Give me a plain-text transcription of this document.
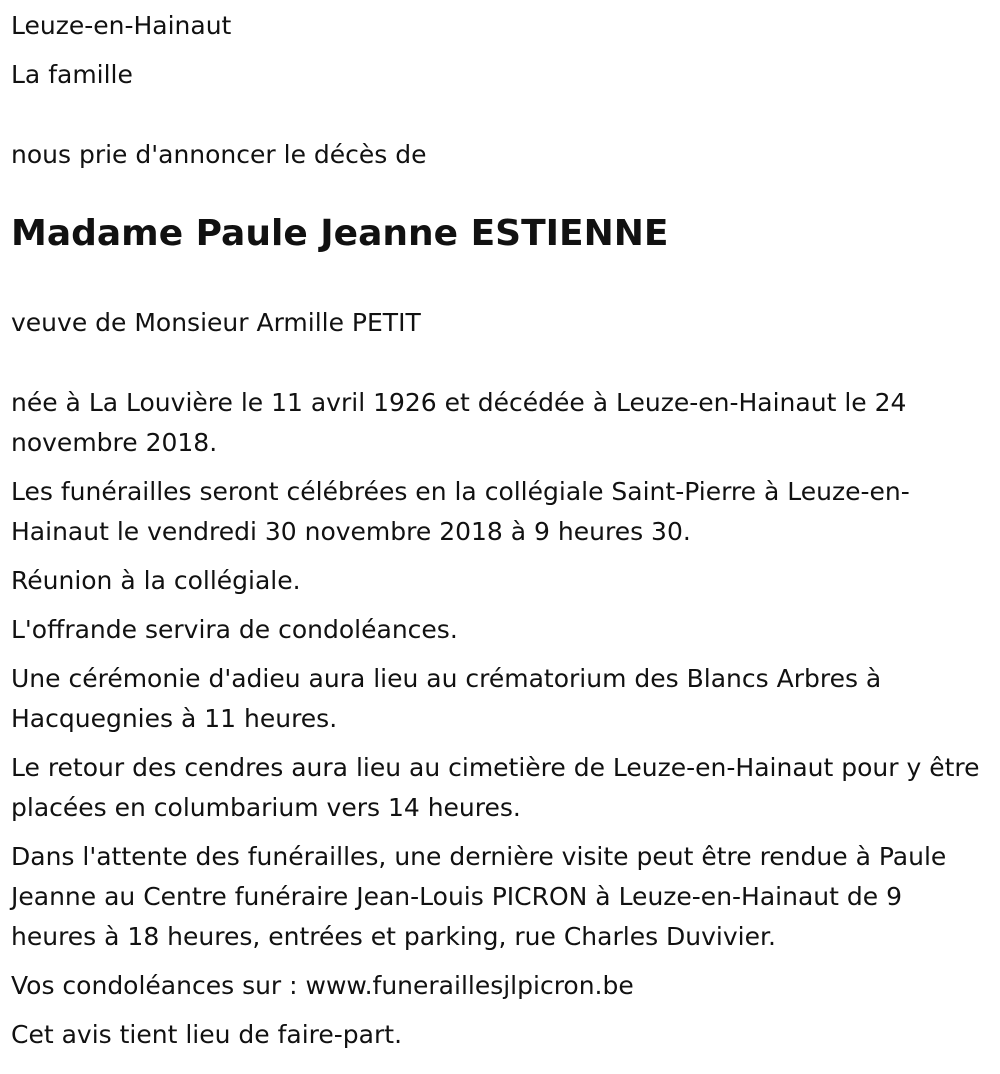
Leuze-en-Hainaut

La famille

nous prie d'annoncer le décès de

Madame Paule Jeanne ESTIENNE

veuve de Monsieur Armille PETIT

née à La Louvière le 11 avril 1926 et décédée à Leuze-en-Hainaut le 24 novembre 2018.

Les funérailles seront célébrées en la collégiale Saint-Pierre à Leuze-en-Hainaut le vendredi 30 novembre 2018 à 9 heures 30.

Réunion à la collégiale.

L'offrande servira de condoléances.

Une cérémonie d'adieu aura lieu au crématorium des Blancs Arbres à Hacquegnies à 11 heures.

Le retour des cendres aura lieu au cimetière de Leuze-en-Hainaut pour y être placées en columbarium vers 14 heures.

Dans l'attente des funérailles, une dernière visite peut être rendue à Paule Jeanne au Centre funéraire Jean-Louis PICRON à Leuze-en-Hainaut de 9 heures à 18 heures, entrées et parking, rue Charles Duvivier.

Vos condoléances sur : www.funeraillesjlpicron.be

Cet avis tient lieu de faire-part.
